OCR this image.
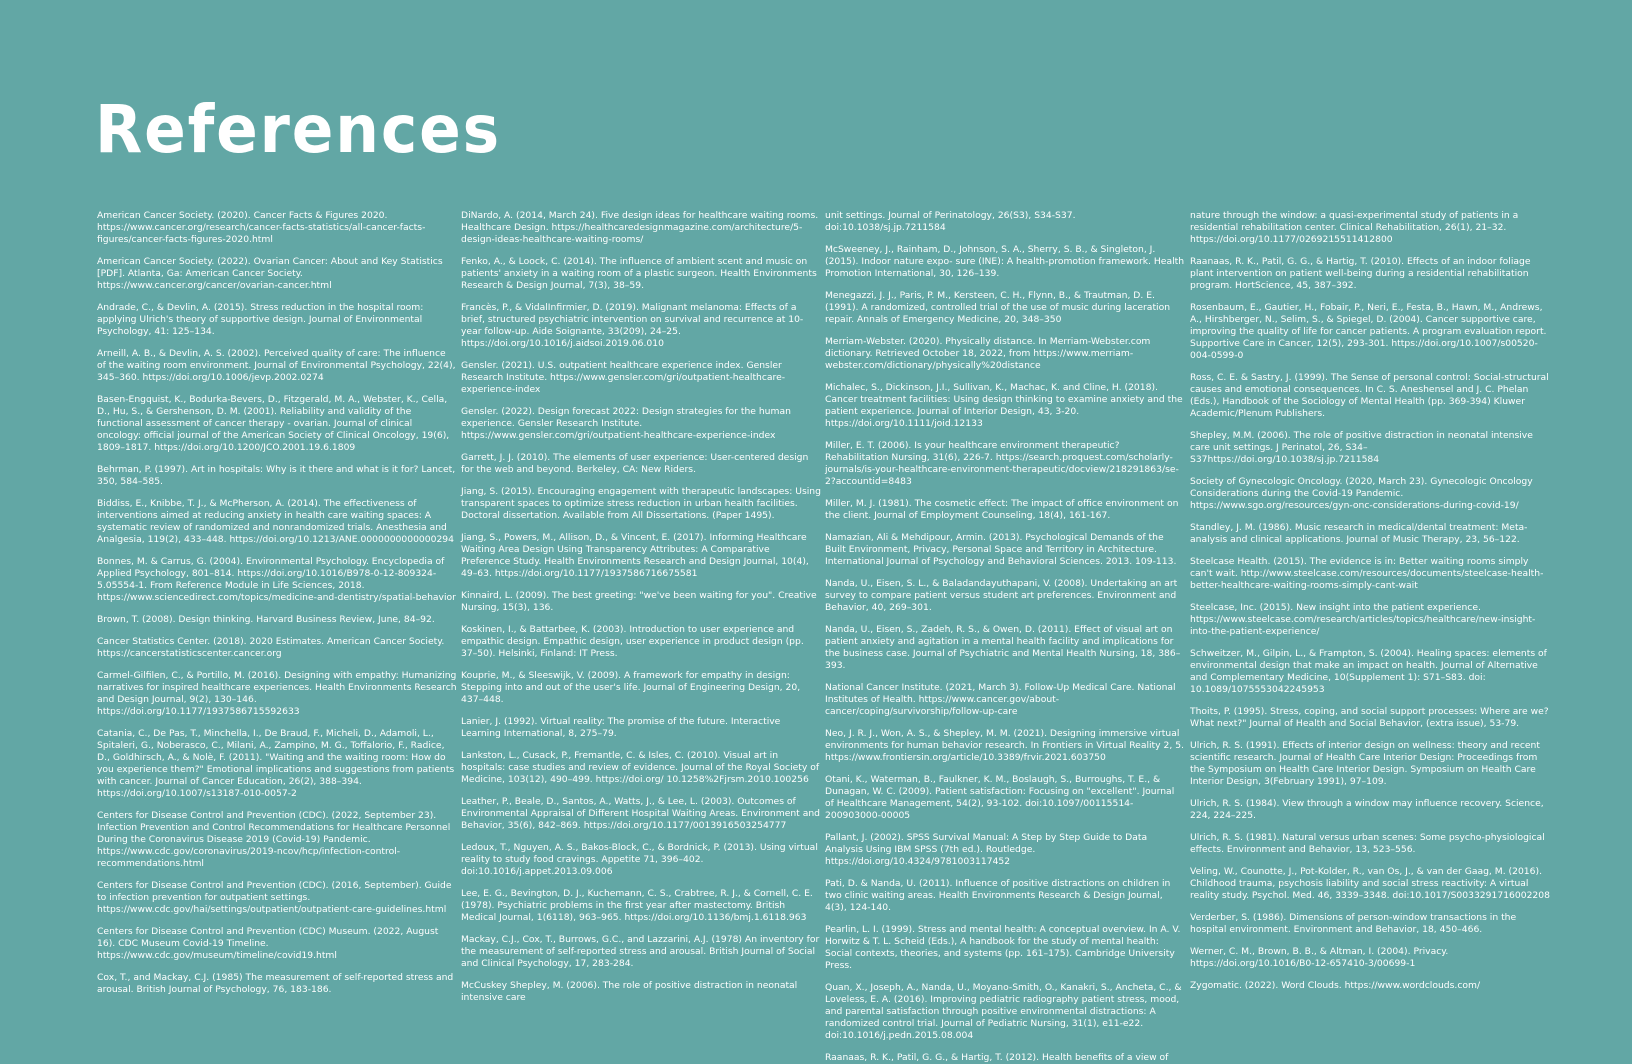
References

American Cancer Society. (2020). Cancer Facts & Figures 2020. https://www.cancer.org/research/cancer-facts-statistics/all-cancer-facts-figures/cancer-facts-figures-2020.html

American Cancer Society. (2022). Ovarian Cancer: About and Key Statistics [PDF]. Atlanta, Ga: American Cancer Society. https://www.cancer.org/cancer/ovarian-cancer.html

Andrade, C., & Devlin, A. (2015). Stress reduction in the hospital room: applying Ulrich's theory of supportive design. Journal of Environmental Psychology, 41: 125–134.

Arneill, A. B., & Devlin, A. S. (2002). Perceived quality of care: The influence of the waiting room environment. Journal of Environmental Psychology, 22(4), 345–360. https://doi.org/10.1006/jevp.2002.0274

Basen-Engquist, K., Bodurka-Bevers, D., Fitzgerald, M. A., Webster, K., Cella, D., Hu, S., & Gershenson, D. M. (2001). Reliability and validity of the functional assessment of cancer therapy - ovarian. Journal of clinical oncology: official journal of the American Society of Clinical Oncology, 19(6), 1809–1817. https://doi.org/10.1200/JCO.2001.19.6.1809

Behrman, P. (1997). Art in hospitals: Why is it there and what is it for? Lancet, 350, 584–585.

Biddiss, E., Knibbe, T. J., & McPherson, A. (2014). The effectiveness of interventions aimed at reducing anxiety in health care waiting spaces: A systematic review of randomized and nonrandomized trials. Anesthesia and Analgesia, 119(2), 433–448. https://doi.org/10.1213/ANE.0000000000000294

Bonnes, M. & Carrus, G. (2004). Environmental Psychology. Encyclopedia of Applied Psychology, 801–814. https://doi.org/10.1016/B978-0-12-809324-5.05554-1. From Reference Module in Life Sciences, 2018. https://www.sciencedirect.com/topics/medicine-and-dentistry/spatial-behavior

Brown, T. (2008). Design thinking. Harvard Business Review, June, 84–92.

Cancer Statistics Center. (2018). 2020 Estimates. American Cancer Society. https://cancerstatisticscenter.cancer.org

Carmel-Gilfilen, C., & Portillo, M. (2016). Designing with empathy: Humanizing narratives for inspired healthcare experiences. Health Environments Research and Design Journal, 9(2), 130–146. https://doi.org/10.1177/1937586715592633

Catania, C., De Pas, T., Minchella, I., De Braud, F., Micheli, D., Adamoli, L., Spitaleri, G., Noberasco, C., Milani, A., Zampino, M. G., Toffalorio, F., Radice, D., Goldhirsch, A., & Nolè, F. (2011). "Waiting and the waiting room: How do you experience them?" Emotional implications and suggestions from patients with cancer. Journal of Cancer Education, 26(2), 388–394. https://doi.org/10.1007/s13187-010-0057-2

Centers for Disease Control and Prevention (CDC). (2022, September 23). Infection Prevention and Control Recommendations for Healthcare Personnel During the Coronavirus Disease 2019 (Covid-19) Pandemic. https://www.cdc.gov/coronavirus/2019-ncov/hcp/infection-control-recommendations.html

Centers for Disease Control and Prevention (CDC). (2016, September). Guide to infection prevention for outpatient settings. https://www.cdc.gov/hai/settings/outpatient/outpatient-care-guidelines.html

Centers for Disease Control and Prevention (CDC) Museum. (2022, August 16). CDC Museum Covid-19 Timeline. https://www.cdc.gov/museum/timeline/covid19.html

Cox, T., and Mackay, C.J. (1985) The measurement of self-reported stress and arousal. British Journal of Psychology, 76, 183-186.

DiNardo, A. (2014, March 24). Five design ideas for healthcare waiting rooms. Healthcare Design. https://healthcaredesignmagazine.com/architecture/5-design-ideas-healthcare-waiting-rooms/

Fenko, A., & Loock, C. (2014). The influence of ambient scent and music on patients' anxiety in a waiting room of a plastic surgeon. Health Environments Research & Design Journal, 7(3), 38–59.

Francès, P., & VidalInfirmier, D. (2019). Malignant melanoma: Effects of a brief, structured psychiatric intervention on survival and recurrence at 10-year follow-up. Aide Soignante, 33(209), 24–25. https://doi.org/10.1016/j.aidsoi.2019.06.010

Gensler. (2021). U.S. outpatient healthcare experience index. Gensler Research Institute. https://www.gensler.com/gri/outpatient-healthcare-experience-index

Gensler. (2022). Design forecast 2022: Design strategies for the human experience. Gensler Research Institute. https://www.gensler.com/gri/outpatient-healthcare-experience-index

Garrett, J. J. (2010). The elements of user experience: User-centered design for the web and beyond. Berkeley, CA: New Riders.

Jiang, S. (2015). Encouraging engagement with therapeutic landscapes: Using transparent spaces to optimize stress reduction in urban health facilities. Doctoral dissertation. Available from All Dissertations. (Paper 1495).

Jiang, S., Powers, M., Allison, D., & Vincent, E. (2017). Informing Healthcare Waiting Area Design Using Transparency Attributes: A Comparative Preference Study. Health Environments Research and Design Journal, 10(4), 49–63. https://doi.org/10.1177/1937586716675581

Kinnaird, L. (2009). The best greeting: "we've been waiting for you". Creative Nursing, 15(3), 136.

Koskinen, I., & Battarbee, K. (2003). Introduction to user experience and empathic design. Empathic design, user experience in product design (pp. 37–50). Helsinki, Finland: IT Press.

Kouprie, M., & Sleeswijk, V. (2009). A framework for empathy in design: Stepping into and out of the user's life. Journal of Engineering Design, 20, 437–448.

Lanier, J. (1992). Virtual reality: The promise of the future. Interactive Learning International, 8, 275–79.

Lankston, L., Cusack, P., Fremantle, C. & Isles, C. (2010). Visual art in hospitals: case studies and review of evidence. Journal of the Royal Society of Medicine, 103(12), 490–499. https://doi.org/ 10.1258%2Fjrsm.2010.100256

Leather, P., Beale, D., Santos, A., Watts, J., & Lee, L. (2003). Outcomes of Environmental Appraisal of Different Hospital Waiting Areas. Environment and Behavior, 35(6), 842–869. https://doi.org/10.1177/0013916503254777

Ledoux, T., Nguyen, A. S., Bakos-Block, C., & Bordnick, P. (2013). Using virtual reality to study food cravings. Appetite 71, 396–402. doi:10.1016/j.appet.2013.09.006

Lee, E. G., Bevington, D. J., Kuchemann, C. S., Crabtree, R. J., & Cornell, C. E. (1978). Psychiatric problems in the first year after mastectomy. British Medical Journal, 1(6118), 963–965. https://doi.org/10.1136/bmj.1.6118.963

Mackay, C.J., Cox, T., Burrows, G.C., and Lazzarini, A.J. (1978) An inventory for the measurement of self-reported stress and arousal. British Journal of Social and Clinical Psychology, 17, 283-284.

McCuskey Shepley, M. (2006). The role of positive distraction in neonatal intensive care

unit settings. Journal of Perinatology, 26(S3), S34-S37. doi:10.1038/sj.jp.7211584

McSweeney, J., Rainham, D., Johnson, S. A., Sherry, S. B., & Singleton, J. (2015). Indoor nature expo- sure (INE): A health-promotion framework. Health Promotion International, 30, 126–139.

Menegazzi, J. J., Paris, P. M., Kersteen, C. H., Flynn, B., & Trautman, D. E. (1991). A randomized, controlled trial of the use of music during laceration repair. Annals of Emergency Medicine, 20, 348–350

Merriam-Webster. (2020). Physically distance. In Merriam-Webster.com dictionary. Retrieved October 18, 2022, from https://www.merriam-webster.com/dictionary/physically%20distance

Michalec, S., Dickinson, J.I., Sullivan, K., Machac, K. and Cline, H. (2018). Cancer treatment facilities: Using design thinking to examine anxiety and the patient experience. Journal of Interior Design, 43, 3-20. https://doi.org/10.1111/joid.12133

Miller, E. T. (2006). Is your healthcare environment therapeutic? Rehabilitation Nursing, 31(6), 226-7. https://search.proquest.com/scholarly-journals/is-your-healthcare-environment-therapeutic/docview/218291863/se-2?accountid=8483

Miller, M. J. (1981). The cosmetic effect: The impact of office environment on the client. Journal of Employment Counseling, 18(4), 161-167.

Namazian, Ali & Mehdipour, Armin. (2013). Psychological Demands of the Built Environment, Privacy, Personal Space and Territory in Architecture. International Journal of Psychology and Behavioral Sciences. 2013. 109-113.

Nanda, U., Eisen, S. L., & Baladandayuthapani, V. (2008). Undertaking an art survey to compare patient versus student art preferences. Environment and Behavior, 40, 269–301.

Nanda, U., Eisen, S., Zadeh, R. S., & Owen, D. (2011). Effect of visual art on patient anxiety and agitation in a mental health facility and implications for the business case. Journal of Psychiatric and Mental Health Nursing, 18, 386–393.

National Cancer Institute. (2021, March 3). Follow-Up Medical Care. National Institutes of Health. https://www.cancer.gov/about-cancer/coping/survivorship/follow-up-care

Neo, J. R. J., Won, A. S., & Shepley, M. M. (2021). Designing immersive virtual environments for human behavior research. In Frontiers in Virtual Reality 2, 5. https://www.frontiersin.org/article/10.3389/frvir.2021.603750

Otani, K., Waterman, B., Faulkner, K. M., Boslaugh, S., Burroughs, T. E., & Dunagan, W. C. (2009). Patient satisfaction: Focusing on "excellent". Journal of Healthcare Management, 54(2), 93-102. doi:10.1097/00115514-200903000-00005

Pallant, J. (2002). SPSS Survival Manual: A Step by Step Guide to Data Analysis Using IBM SPSS (7th ed.). Routledge. https://doi.org/10.4324/9781003117452

Pati, D. & Nanda, U. (2011). Influence of positive distractions on children in two clinic waiting areas. Health Environments Research & Design Journal, 4(3), 124-140.

Pearlin, L. I. (1999). Stress and mental health: A conceptual overview. In A. V. Horwitz & T. L. Scheid (Eds.), A handbook for the study of mental health: Social contexts, theories, and systems (pp. 161–175). Cambridge University Press.

Quan, X., Joseph, A., Nanda, U., Moyano-Smith, O., Kanakri, S., Ancheta, C., & Loveless, E. A. (2016). Improving pediatric radiography patient stress, mood, and parental satisfaction through positive environmental distractions: A randomized control trial. Journal of Pediatric Nursing, 31(1), e11-e22. doi:10.1016/j.pedn.2015.08.004

Raanaas, R. K., Patil, G. G., & Hartig, T. (2012). Health benefits of a view of

nature through the window: a quasi-experimental study of patients in a residential rehabilitation center. Clinical Rehabilitation, 26(1), 21–32. https://doi.org/10.1177/0269215511412800

Raanaas, R. K., Patil, G. G., & Hartig, T. (2010). Effects of an indoor foliage plant intervention on patient well-being during a residential rehabilitation program. HortScience, 45, 387–392.

Rosenbaum, E., Gautier, H., Fobair, P., Neri, E., Festa, B., Hawn, M., Andrews, A., Hirshberger, N., Selim, S., & Spiegel, D. (2004). Cancer supportive care, improving the quality of life for cancer patients. A program evaluation report. Supportive Care in Cancer, 12(5), 293-301. https://doi.org/10.1007/s00520-004-0599-0

Ross, C. E. & Sastry, J. (1999). The Sense of personal control: Social-structural causes and emotional consequences. In C. S. Aneshensel and J. C. Phelan (Eds.), Handbook of the Sociology of Mental Health (pp. 369-394) Kluwer Academic/Plenum Publishers.

Shepley, M.M. (2006). The role of positive distraction in neonatal intensive care unit settings. J Perinatol, 26, S34–S37https://doi.org/10.1038/sj.jp.7211584

Society of Gynecologic Oncology. (2020, March 23). Gynecologic Oncology Considerations during the Covid-19 Pandemic. https://www.sgo.org/resources/gyn-onc-considerations-during-covid-19/

Standley, J. M. (1986). Music research in medical/dental treatment: Meta-analysis and clinical applications. Journal of Music Therapy, 23, 56–122.

Steelcase Health. (2015). The evidence is in: Better waiting rooms simply can't wait. http://www.steelcase.com/resources/documents/steelcase-health-better-healthcare-waiting-rooms-simply-cant-wait

Steelcase, Inc. (2015). New insight into the patient experience. https://www.steelcase.com/research/articles/topics/healthcare/new-insight-into-the-patient-experience/

Schweitzer, M., Gilpin, L., & Frampton, S. (2004). Healing spaces: elements of environmental design that make an impact on health. Journal of Alternative and Complementary Medicine, 10(Supplement 1): S71–S83. doi: 10.1089/1075553042245953

Thoits, P. (1995). Stress, coping, and social support processes: Where are we? What next?" Journal of Health and Social Behavior, (extra issue), 53-79.

Ulrich, R. S. (1991). Effects of interior design on wellness: theory and recent scientific research. Journal of Health Care Interior Design: Proceedings from the Symposium on Health Care Interior Design. Symposium on Health Care Interior Design, 3(February 1991), 97–109.

Ulrich, R. S. (1984). View through a window may influence recovery. Science, 224, 224–225.

Ulrich, R. S. (1981). Natural versus urban scenes: Some psycho-physiological effects. Environment and Behavior, 13, 523–556.

Veling, W., Counotte, J., Pot-Kolder, R., van Os, J., & van der Gaag, M. (2016). Childhood trauma, psychosis liability and social stress reactivity: A virtual reality study. Psychol. Med. 46, 3339–3348. doi:10.1017/S0033291716002208

Verderber, S. (1986). Dimensions of person-window transactions in the hospital environment. Environment and Behavior, 18, 450–466.

Werner, C. M., Brown, B. B., & Altman, I. (2004). Privacy. https://doi.org/10.1016/B0-12-657410-3/00699-1

Zygomatic. (2022). Word Clouds. https://www.wordclouds.com/
